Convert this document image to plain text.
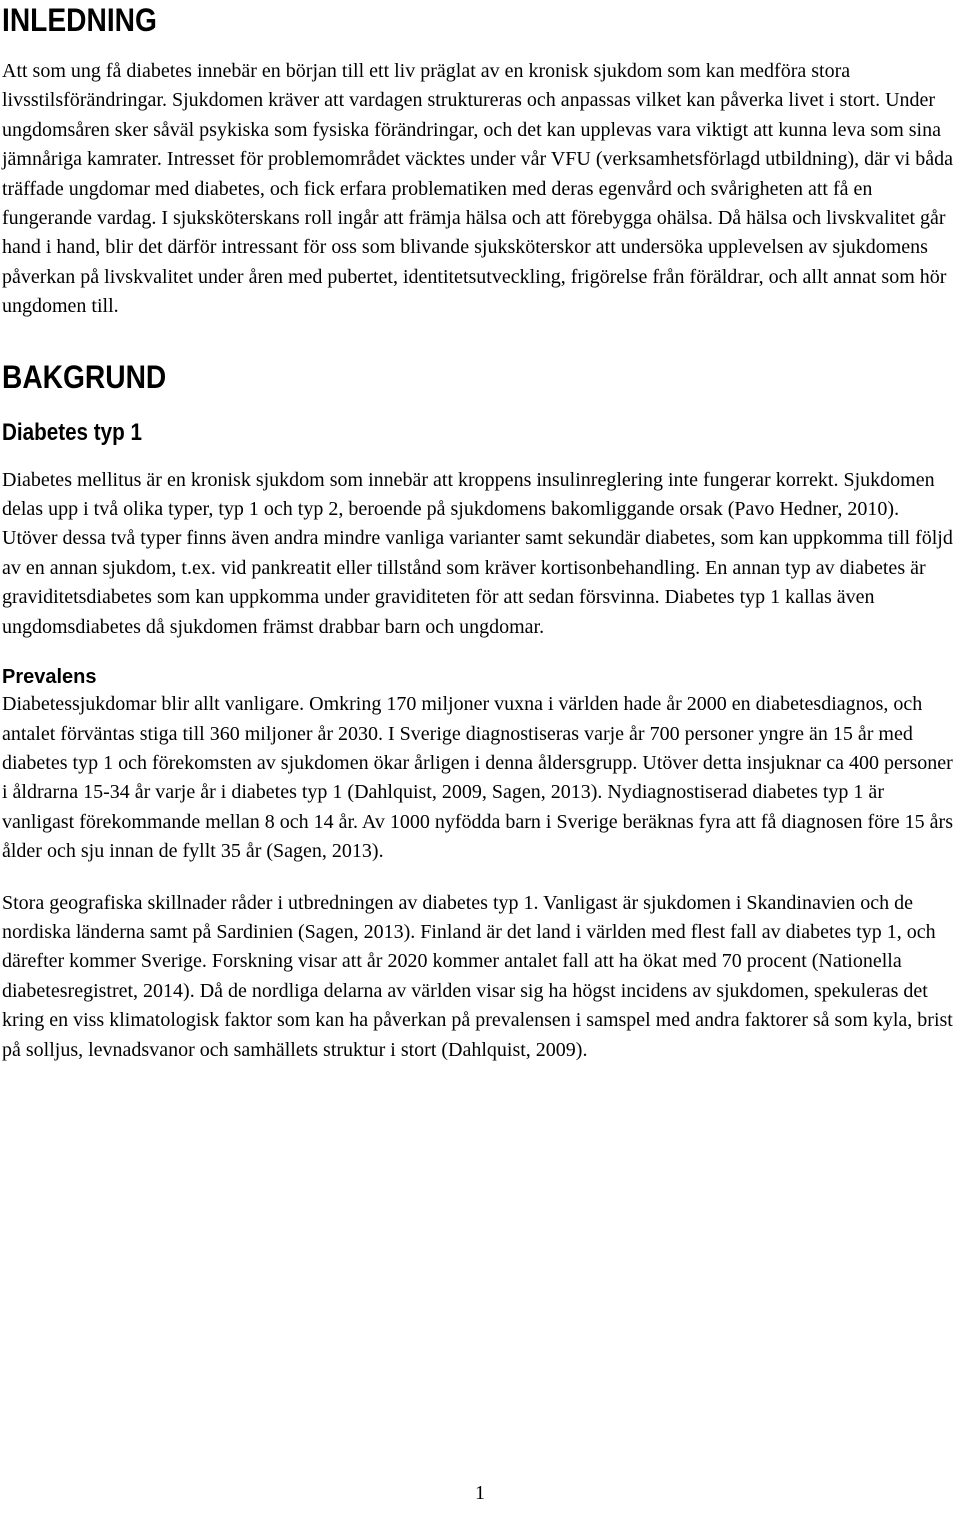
INLEDNING

Att som ung få diabetes innebär en början till ett liv präglat av en kronisk sjukdom som kan medföra stora livsstilsförändringar. Sjukdomen kräver att vardagen struktureras och anpassas vilket kan påverka livet i stort. Under ungdomsåren sker såväl psykiska som fysiska förändringar, och det kan upplevas vara viktigt att kunna leva som sina jämnåriga kamrater. Intresset för problemområdet väcktes under vår VFU (verksamhetsförlagd utbildning), där vi båda träffade ungdomar med diabetes, och fick erfara problematiken med deras egenvård och svårigheten att få en fungerande vardag. I sjuksköterskans roll ingår att främja hälsa och att förebygga ohälsa. Då hälsa och livskvalitet går hand i hand, blir det därför intressant för oss som blivande sjuksköterskor att undersöka upplevelsen av sjukdomens påverkan på livskvalitet under åren med pubertet, identitetsutveckling, frigörelse från föräldrar, och allt annat som hör ungdomen till.

BAKGRUND
Diabetes typ 1

Diabetes mellitus är en kronisk sjukdom som innebär att kroppens insulinreglering inte fungerar korrekt. Sjukdomen delas upp i två olika typer, typ 1 och typ 2, beroende på sjukdomens bakomliggande orsak (Pavo Hedner, 2010). Utöver dessa två typer finns även andra mindre vanliga varianter samt sekundär diabetes, som kan uppkomma till följd av en annan sjukdom, t.ex. vid pankreatit eller tillstånd som kräver kortisonbehandling. En annan typ av diabetes är graviditetsdiabetes som kan uppkomma under graviditeten för att sedan försvinna. Diabetes typ 1 kallas även ungdomsdiabetes då sjukdomen främst drabbar barn och ungdomar.

Prevalens

Diabetessjukdomar blir allt vanligare. Omkring 170 miljoner vuxna i världen hade år 2000 en diabetesdiagnos, och antalet förväntas stiga till 360 miljoner år 2030. I Sverige diagnostiseras varje år 700 personer yngre än 15 år med diabetes typ 1 och förekomsten av sjukdomen ökar årligen i denna åldersgrupp. Utöver detta insjuknar ca 400 personer i åldrarna 15-34 år varje år i diabetes typ 1 (Dahlquist, 2009, Sagen, 2013). Nydiagnostiserad diabetes typ 1 är vanligast förekommande mellan 8 och 14 år. Av 1000 nyfödda barn i Sverige beräknas fyra att få diagnosen före 15 års ålder och sju innan de fyllt 35 år (Sagen, 2013).

Stora geografiska skillnader råder i utbredningen av diabetes typ 1. Vanligast är sjukdomen i Skandinavien och de nordiska länderna samt på Sardinien (Sagen, 2013). Finland är det land i världen med flest fall av diabetes typ 1, och därefter kommer Sverige. Forskning visar att år 2020 kommer antalet fall att ha ökat med 70 procent (Nationella diabetesregistret, 2014). Då de nordliga delarna av världen visar sig ha högst incidens av sjukdomen, spekuleras det kring en viss klimatologisk faktor som kan ha påverkan på prevalensen i samspel med andra faktorer så som kyla, brist på solljus, levnadsvanor och samhällets struktur i stort (Dahlquist, 2009).

1
